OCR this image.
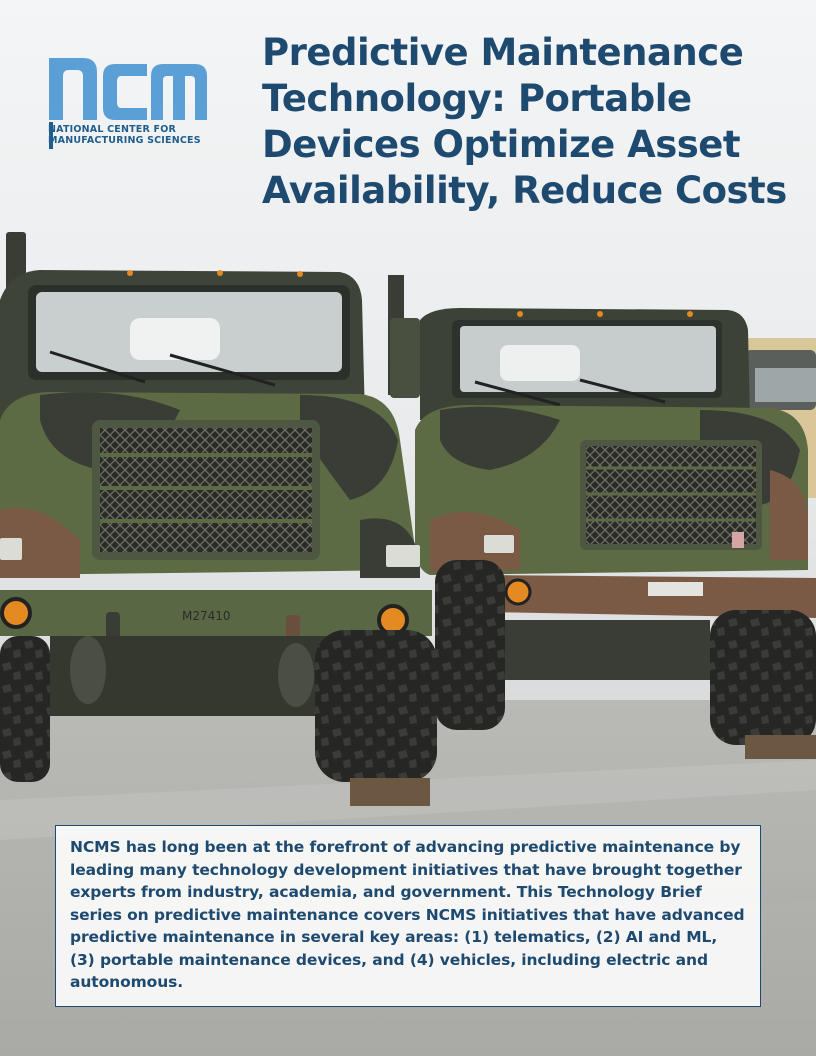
M27410
NATIONAL CENTER FOR
MANUFACTURING SCIENCES
Predictive Maintenance Technology: Portable Devices Optimize Asset Availability, Reduce Costs

NCMS has long been at the forefront of advancing predictive maintenance by leading many technology development initiatives that have brought together experts from industry, academia, and government. This Technology Brief series on predictive maintenance covers NCMS initiatives that have advanced predictive maintenance in several key areas: (1) telematics, (2) AI and ML, (3) portable maintenance devices, and (4) vehicles, including electric and autonomous.
